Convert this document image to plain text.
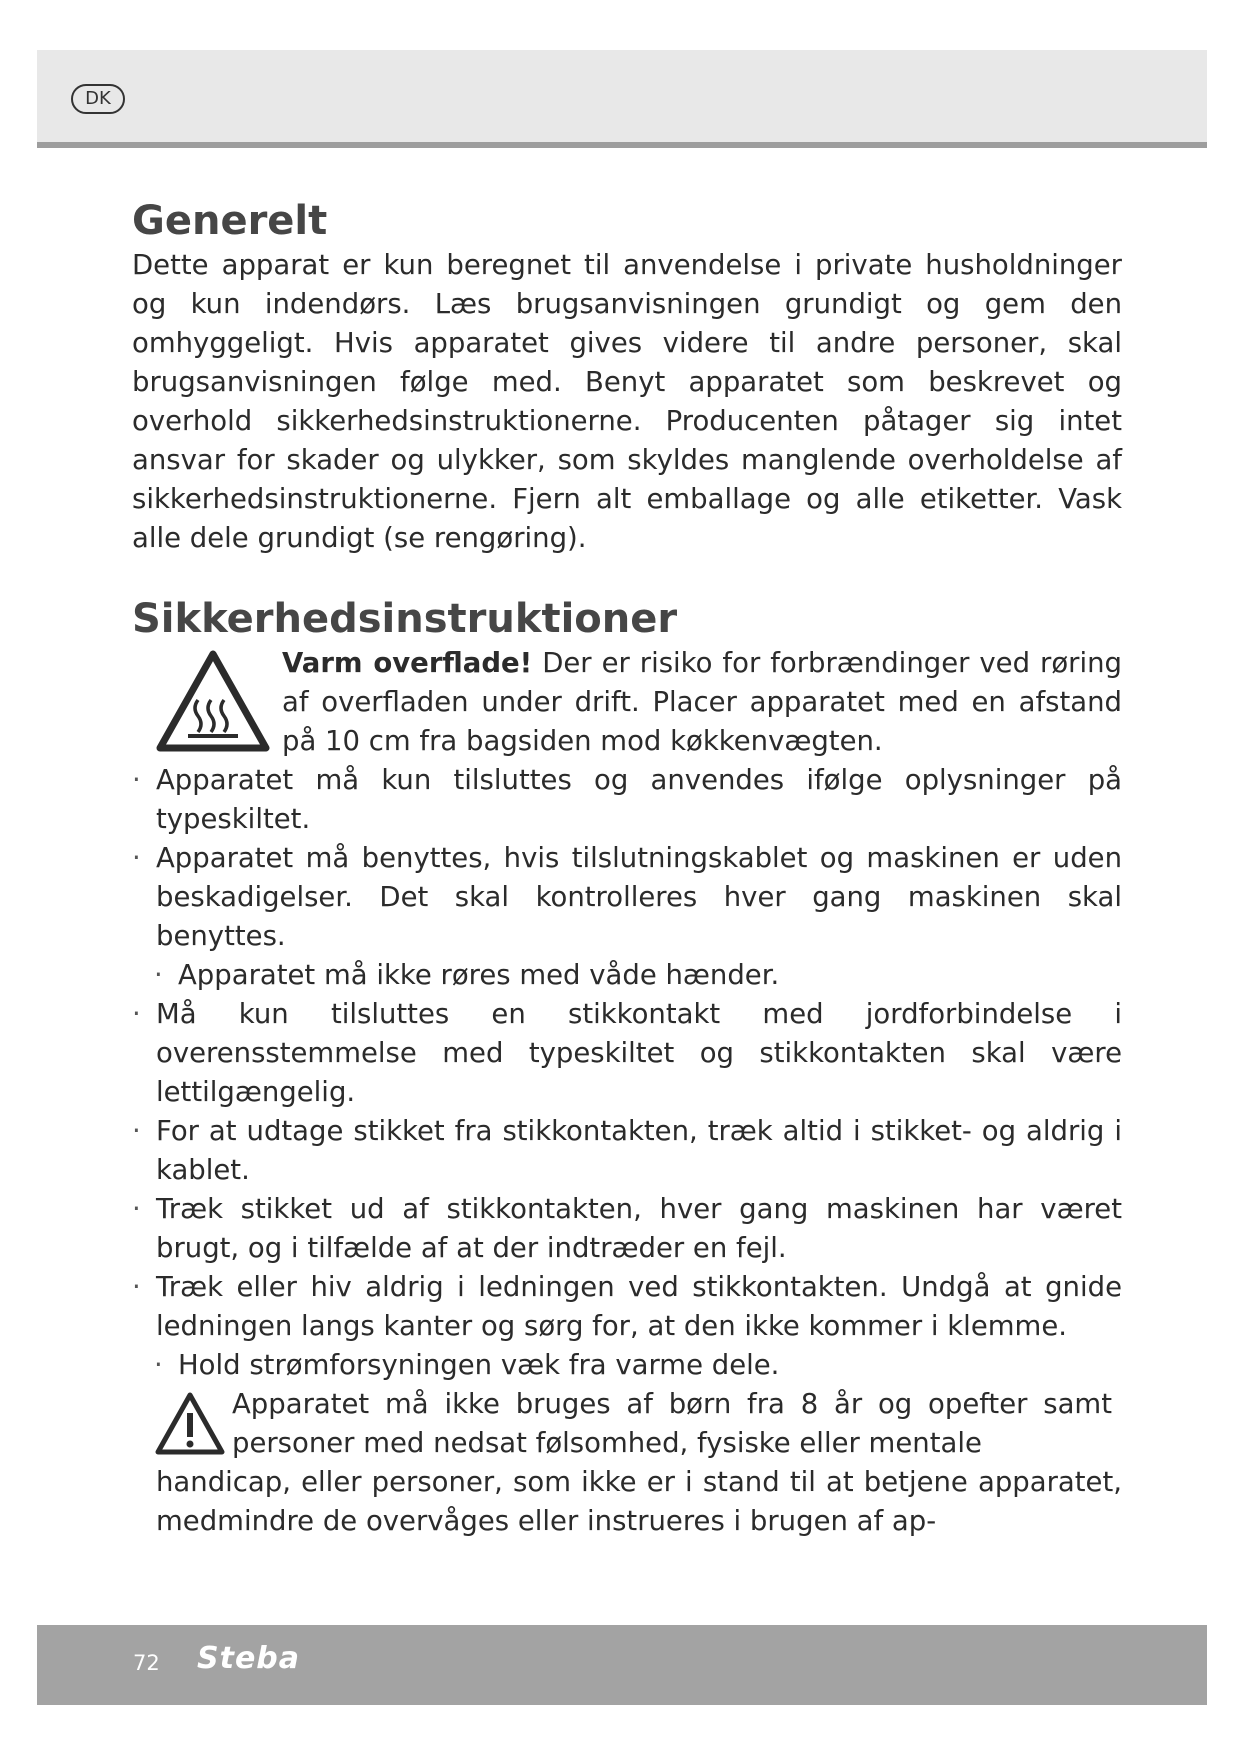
DK
Generelt

Dette apparat er kun beregnet til anvendelse i private husholdninger og kun indendørs. Læs brugsanvisningen grundigt og gem den omhyggeligt. Hvis apparatet gives videre til andre personer, skal brugsanvisningen følge med. Benyt apparatet som beskrevet og overhold sikkerhedsinstruktionerne. Producenten påtager sig intet ansvar for skader og ulykker, som skyldes manglende overholdelse af sikkerhedsinstruktionerne. Fjern alt emballage og alle etiketter. Vask alle dele grundigt (se rengøring).

Sikkerhedsinstruktioner

Varm overflade! Der er risiko for forbrændinger ved røring af overfladen under drift. Placer apparatet med en afstand på 10 cm fra bagsiden mod køkkenvægten.

· Apparatet må kun tilsluttes og anvendes ifølge oplysninger på typeskiltet.
· Apparatet må benyttes, hvis tilslutningskablet og maskinen er uden beskadigelser. Det skal kontrolleres hver gang maskinen skal benyttes.
· Apparatet må ikke røres med våde hænder.
· Må kun tilsluttes en stikkontakt med jordforbindelse i overensstemmelse med typeskiltet og stikkontakten skal være lettilgængelig.
· For at udtage stikket fra stikkontakten, træk altid i stikket- og aldrig i kablet.
· Træk stikket ud af stikkontakten, hver gang maskinen har været brugt, og i tilfælde af at der indtræder en fejl.
· Træk eller hiv aldrig i ledningen ved stikkontakten. Undgå at gnide ledningen langs kanter og sørg for, at den ikke kommer i klemme.
· Hold strømforsyningen væk fra varme dele.

Apparatet må ikke bruges af børn fra 8 år og opefter samt personer med nedsat følsomhed, fysiske eller mentale

handicap, eller personer, som ikke er i stand til at betjene apparatet, medmindre de overvåges eller instrueres i brugen af ap-

72 Steba
